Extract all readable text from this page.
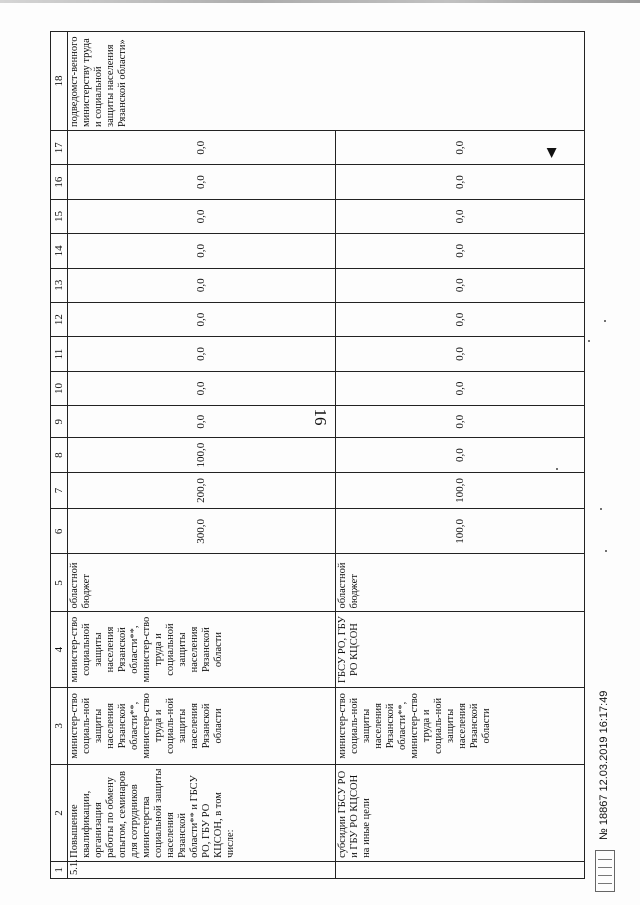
16
1	2	3	4	5	6	7	8	9	10	11	12	13	14	15	16	17	18
5.1.	Повышение квалификации, организация работы по обмену опытом, семинаров для сотрудников министерства социальной защиты населения Рязанской области** и ГБСУ РО, ГБУ РО КЦСОН, в том числе:	министер-ство социаль-ной защиты населения Рязанской области**, министер-ство труда и социаль-ной защиты населения Рязанской области	министер-ство социальной защиты населения Рязанской области**, министер-ство труда и социальной защиты населения Рязанской области	областной бюджет	300,0	200,0	100,0	0,0	0,0	0,0	0,0	0,0	0,0	0,0	0,0	0,0	подведомст-венного министерству труда и социальной защиты населения Рязанской области»
	субсидии ГБСУ РО и ГБУ РО КЦСОН на иные цели	министер-ство социаль-ной защиты населения Рязанской области**, министер-ство труда и социаль-ной защиты населения Рязанской области	ГБСУ РО, ГБУ РО КЦСОН	областной бюджет	100,0	100,0	0,0	0,0	0,0	0,0	0,0	0,0	0,0	0,0	0,0	0,0	
№ 18867 12.03.2019 16:17:49
◀
